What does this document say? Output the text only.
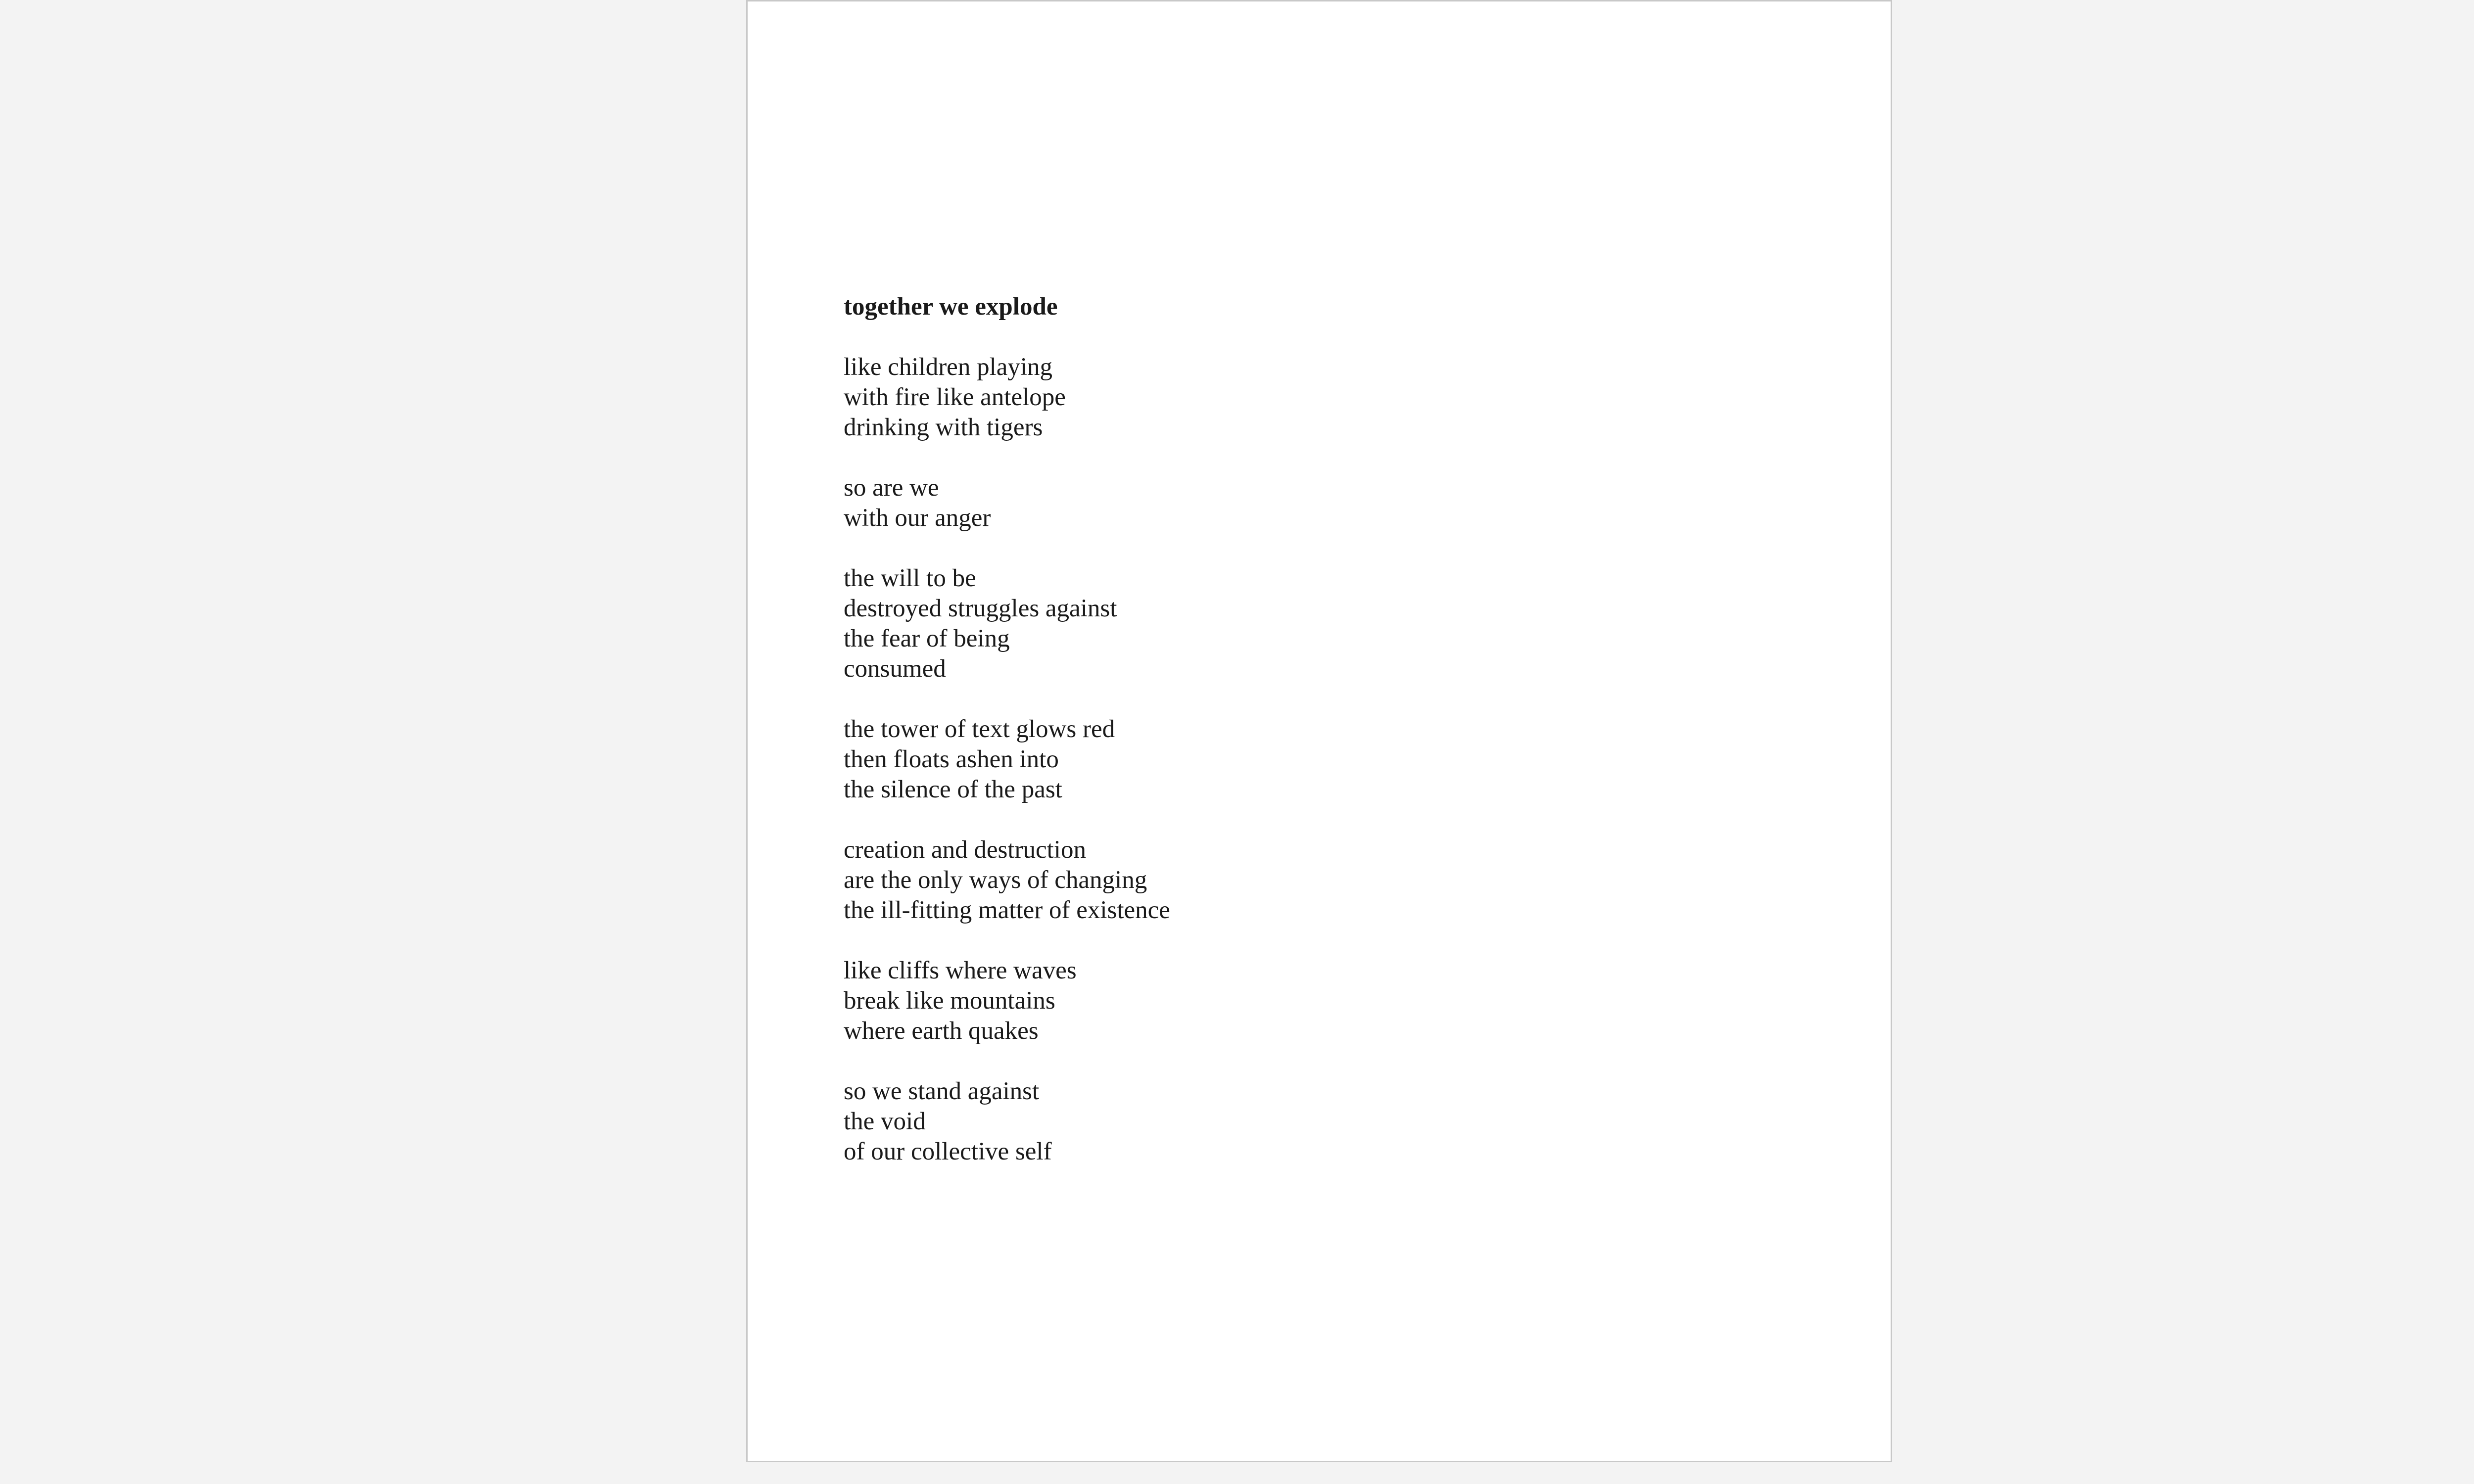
together we explode
like children playing
with fire like antelope
drinking with tigers
so are we
with our anger
the will to be
destroyed struggles against
the fear of being
consumed
the tower of text glows red
then floats ashen into
the silence of the past
creation and destruction
are the only ways of changing
the ill-fitting matter of existence
like cliffs where waves
break like mountains
where earth quakes
so we stand against
the void
of our collective self
